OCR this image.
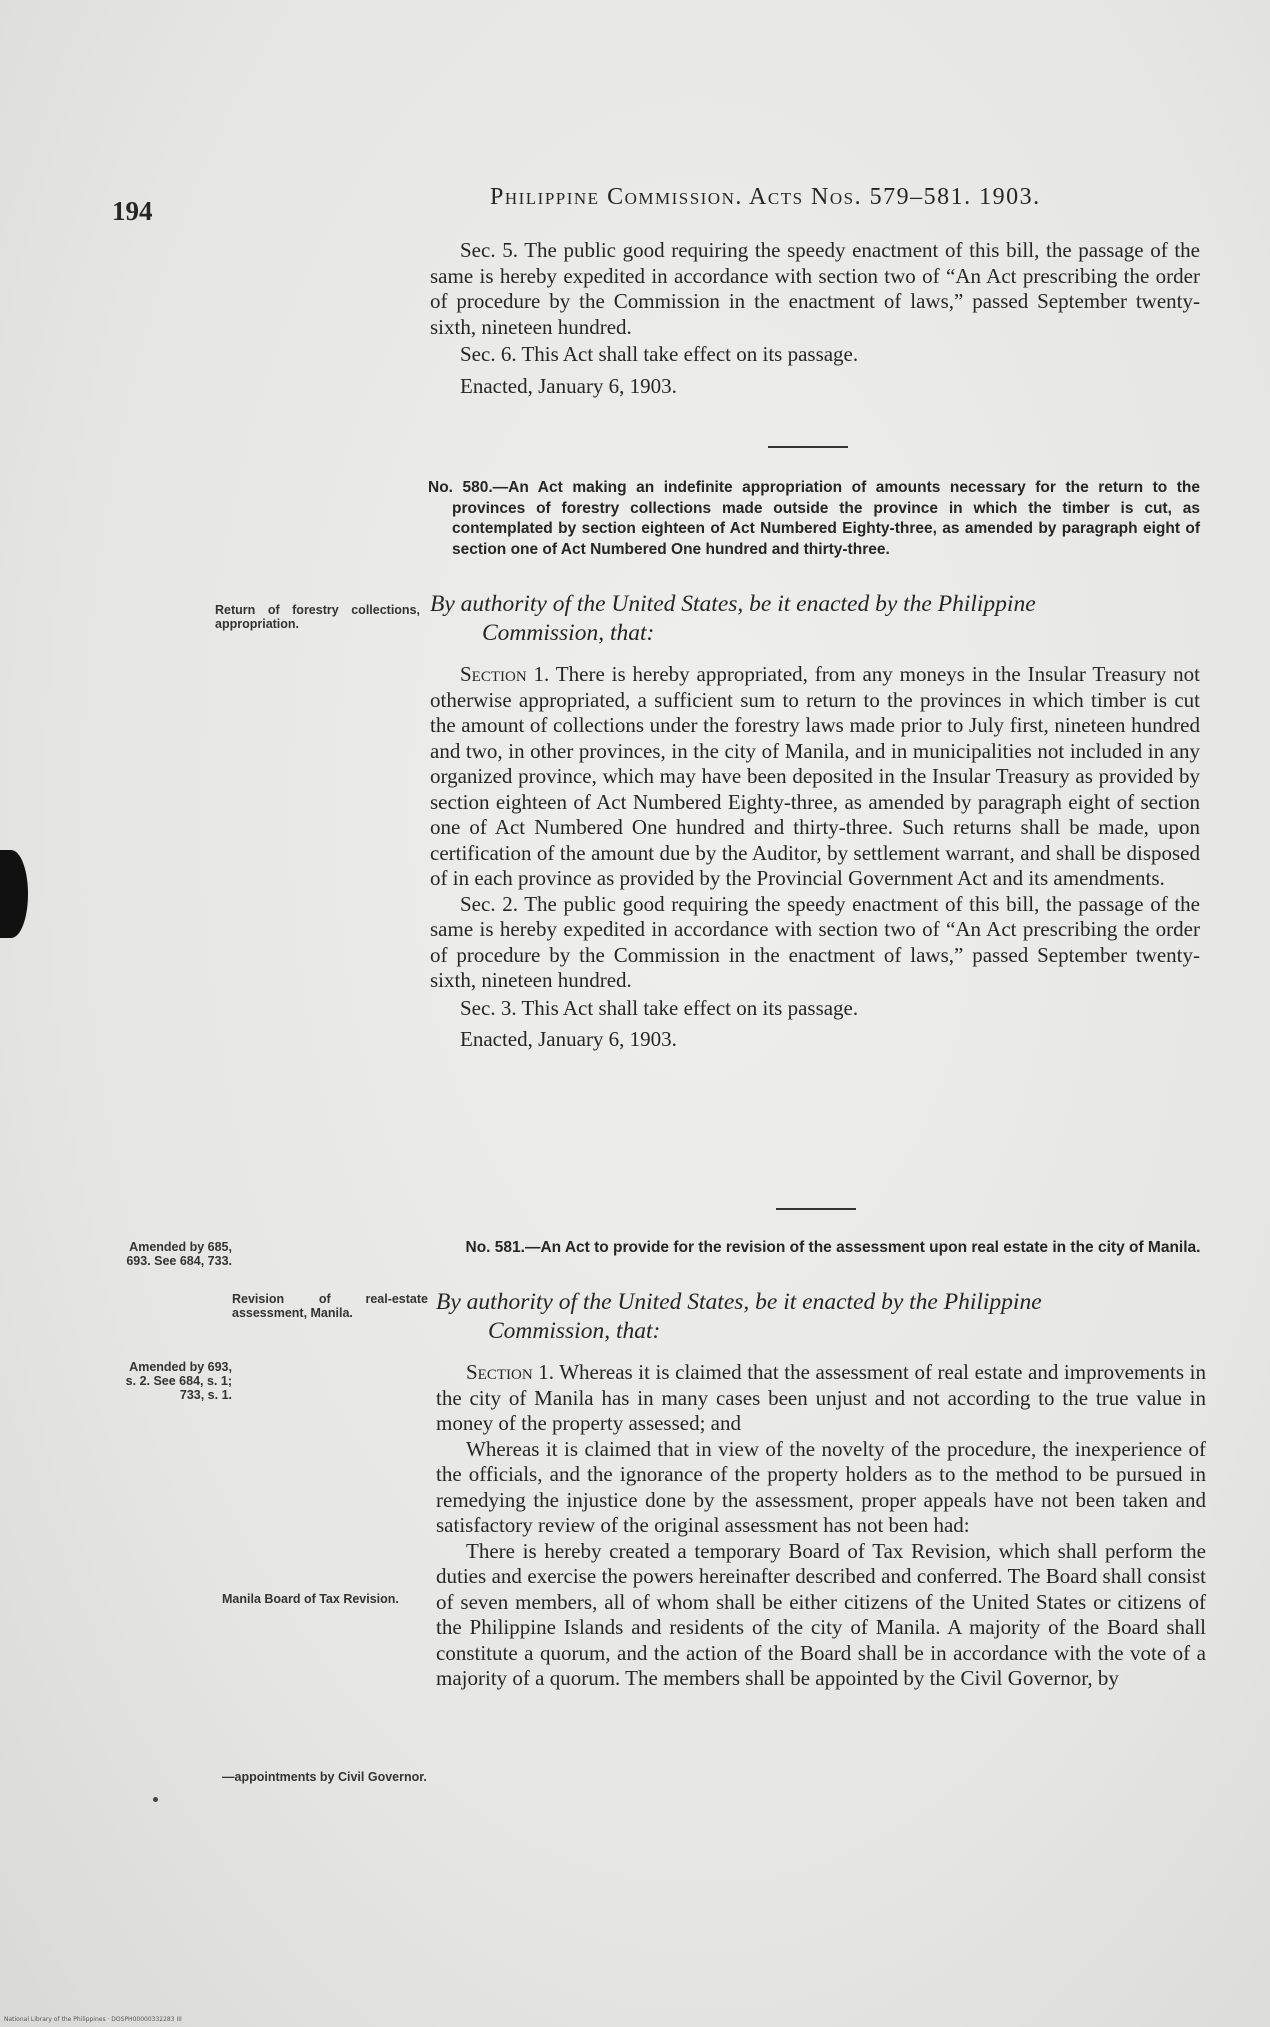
194	Philippine Commission. Acts Nos. 579–581. 1903.

Sec. 5. The public good requiring the speedy enactment of this bill, the passage of the same is hereby expedited in accordance with section two of “An Act prescribing the order of procedure by the Commission in the enactment of laws,” passed September twenty-sixth, nineteen hundred.

Sec. 6. This Act shall take effect on its passage.

Enacted, January 6, 1903.

No. 580.—An Act making an indefinite appropriation of amounts necessary for the return to the provinces of forestry collections made outside the province in which the timber is cut, as contemplated by section eighteen of Act Numbered Eighty-three, as amended by paragraph eight of section one of Act Numbered One hundred and thirty-three.
Return of forestry collections, appropriation.

By authority of the United States, be it enacted by the Philippine
Commission, that:

Section 1. There is hereby appropriated, from any moneys in the Insular Treasury not otherwise appropriated, a sufficient sum to return to the provinces in which timber is cut the amount of collections under the forestry laws made prior to July first, nineteen hundred and two, in other provinces, in the city of Manila, and in municipalities not included in any organized province, which may have been deposited in the Insular Treasury as provided by section eighteen of Act Numbered Eighty-three, as amended by paragraph eight of section one of Act Numbered One hundred and thirty-three. Such returns shall be made, upon certification of the amount due by the Auditor, by settlement warrant, and shall be disposed of in each province as provided by the Provincial Government Act and its amendments.

Sec. 2. The public good requiring the speedy enactment of this bill, the passage of the same is hereby expedited in accordance with section two of “An Act prescribing the order of procedure by the Commission in the enactment of laws,” passed September twenty-sixth, nineteen hundred.

Sec. 3. This Act shall take effect on its passage.

Enacted, January 6, 1903.

Amended by 685, 693. See 684, 733.
No. 581.—An Act to provide for the revision of the assessment upon real estate in the city of Manila.
Revision of real-estate assessment, Manila.
Amended by 693, s. 2. See 684, s. 1; 733, s. 1.
Manila Board of Tax Revision.
—appointments by Civil Governor.

By authority of the United States, be it enacted by the Philippine
Commission, that:

Section 1. Whereas it is claimed that the assessment of real estate and improvements in the city of Manila has in many cases been unjust and not according to the true value in money of the property assessed; and

Whereas it is claimed that in view of the novelty of the procedure, the inexperience of the officials, and the ignorance of the property holders as to the method to be pursued in remedying the injustice done by the assessment, proper appeals have not been taken and satisfactory review of the original assessment has not been had:

There is hereby created a temporary Board of Tax Revision, which shall perform the duties and exercise the powers hereinafter described and conferred. The Board shall consist of seven members, all of whom shall be either citizens of the United States or citizens of the Philippine Islands and residents of the city of Manila. A majority of the Board shall constitute a quorum, and the action of the Board shall be in accordance with the vote of a majority of a quorum. The members shall be appointed by the Civil Governor, by

National Library of the Philippines · DOSPH00000332283 III
